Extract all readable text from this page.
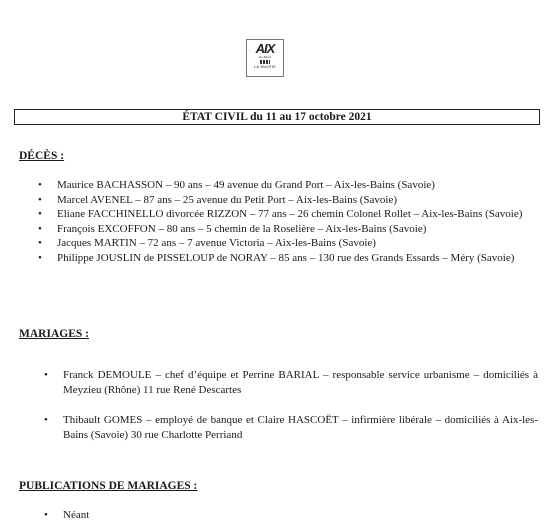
AIX
les Bains
LA MAIRIE
ÉTAT CIVIL du 11 au 17 octobre 2021
DÉCÈS :
• Maurice BACHASSON – 90 ans – 49 avenue du Grand Port – Aix-les-Bains (Savoie)
• Marcel AVENEL – 87 ans – 25 avenue du Petit Port – Aix-les-Bains (Savoie)
• Eliane FACCHINELLO divorcée RIZZON – 77 ans – 26 chemin Colonel Rollet – Aix-les-Bains (Savoie)
• François EXCOFFON – 80 ans – 5 chemin de la Roselière – Aix-les-Bains (Savoie)
• Jacques MARTIN – 72 ans – 7 avenue Victoria – Aix-les-Bains (Savoie)
• Philippe JOUSLIN de PISSELOUP de NORAY – 85 ans – 130 rue des Grands Essards – Méry (Savoie)
MARIAGES :
• Franck DEMOULE – chef d’équipe et Perrine BARIAL – responsable service urbanisme – domiciliés à Meyzieu (Rhône) 11 rue René Descartes
• Thibault GOMES – employé de banque et Claire HASCOËT – infirmière libérale – domiciliés à Aix-les-Bains (Savoie) 30 rue Charlotte Perriand
PUBLICATIONS DE MARIAGES :
• Néant
